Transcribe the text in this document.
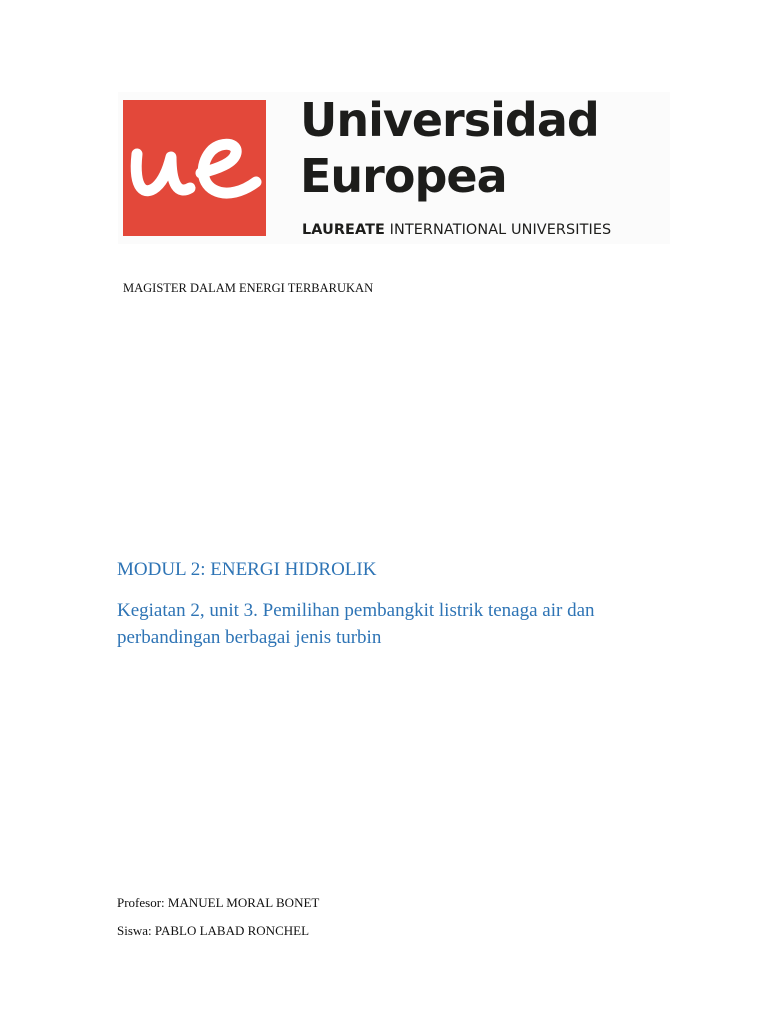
Universidad
Europea
LAUREATE INTERNATIONAL UNIVERSITIES
MAGISTER DALAM ENERGI TERBARUKAN
MODUL 2: ENERGI HIDROLIK
Kegiatan 2, unit 3. Pemilihan pembangkit listrik tenaga air dan perbandingan berbagai jenis turbin
Profesor: MANUEL MORAL BONET
Siswa: PABLO LABAD RONCHEL
